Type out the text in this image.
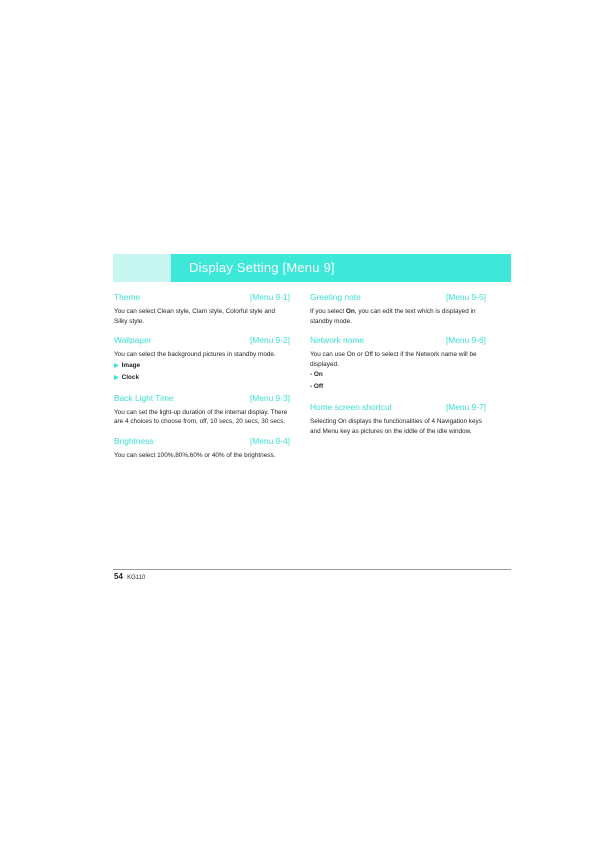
Display Setting [Menu 9]
Theme	[Menu 9-1]
You can select Clean style, Clam style, Colorful style and Silky style.
Wallpaper	[Menu 9-2]
You can select the background pictures in standby mode.
▶ Image
▶ Clock
Back Light Time	[Menu 9-3]
You can set the light-up duration of the internal display. There are 4 choices to choose from, off, 10 secs, 20 secs, 30 secs.
Brightness	[Menu 9-4]
You can select 100%,80%,60% or 40% of the brightness.
Greeting note	[Menu 9-5]
If you select On, you can edit the text which is displayed in standby mode.
Network name	[Menu 9-6]
You can use On or Off to select if the Network name will be displayed.
- On
- Off
Home screen shortcut	[Menu 9-7]
Selecting On displays the functionalities of 4 Navigation keys and Menu key as pictures on the iddle of the idle window.
54 KG110
